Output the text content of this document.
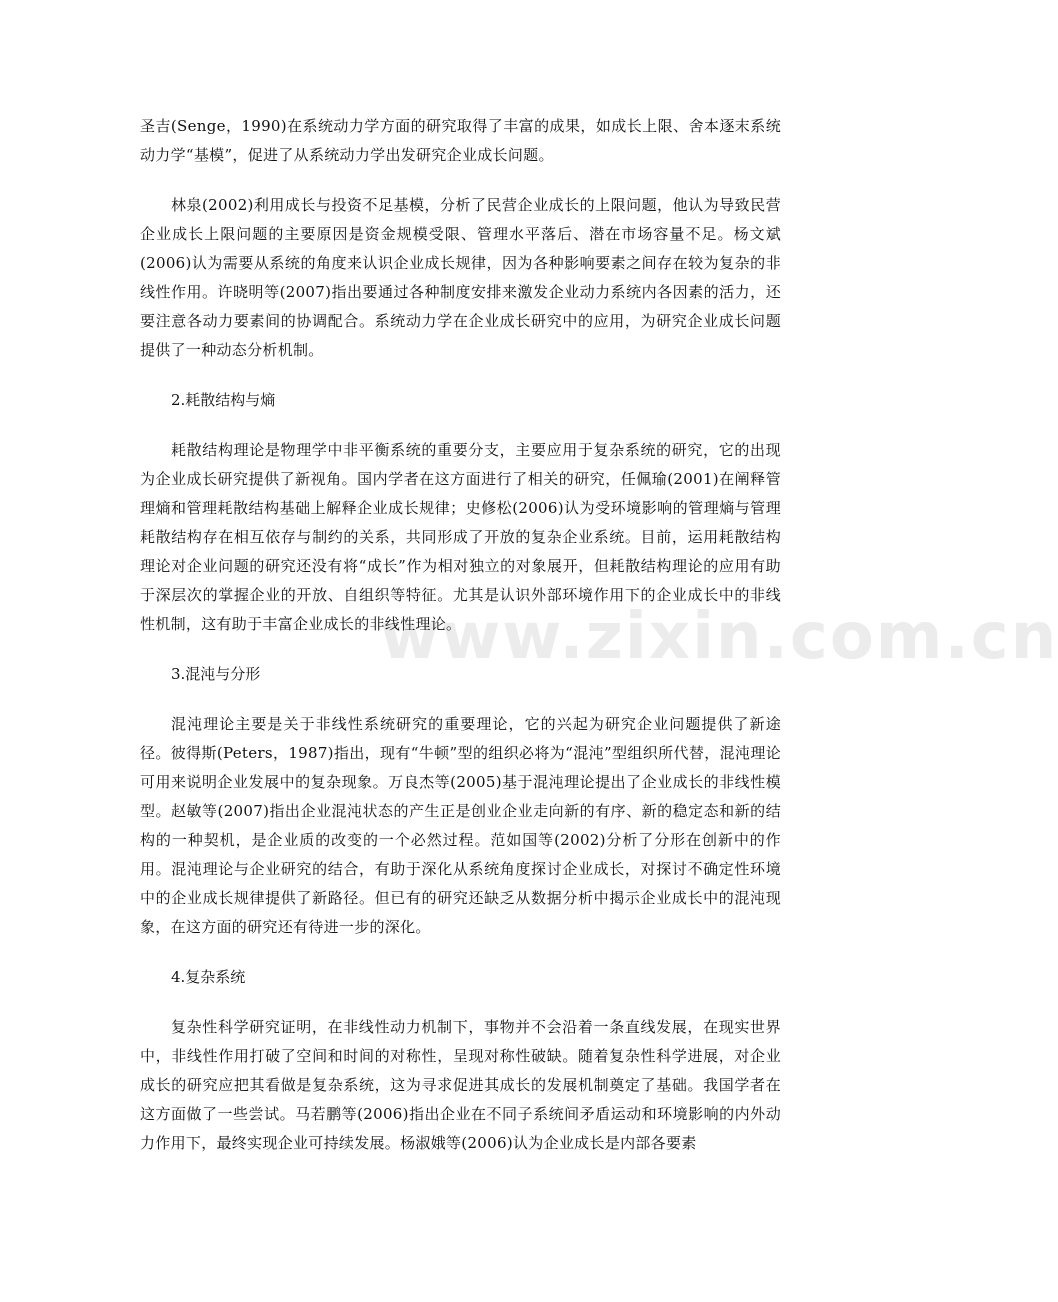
www.zixin.com.cn

圣吉(Senge，1990)在系统动力学方面的研究取得了丰富的成果，如成长上限、舍本逐末系统动力学“基模”，促进了从系统动力学出发研究企业成长问题。

林泉(2002)利用成长与投资不足基模，分析了民营企业成长的上限问题，他认为导致民营企业成长上限问题的主要原因是资金规模受限、管理水平落后、潜在市场容量不足。杨文斌(2006)认为需要从系统的角度来认识企业成长规律，因为各种影响要素之间存在较为复杂的非线性作用。许晓明等(2007)指出要通过各种制度安排来激发企业动力系统内各因素的活力，还要注意各动力要素间的协调配合。系统动力学在企业成长研究中的应用，为研究企业成长问题提供了一种动态分析机制。

2.耗散结构与熵

耗散结构理论是物理学中非平衡系统的重要分支，主要应用于复杂系统的研究，它的出现为企业成长研究提供了新视角。国内学者在这方面进行了相关的研究，任佩瑜(2001)在阐释管理熵和管理耗散结构基础上解释企业成长规律；史修松(2006)认为受环境影响的管理熵与管理耗散结构存在相互依存与制约的关系，共同形成了开放的复杂企业系统。目前，运用耗散结构理论对企业问题的研究还没有将“成长”作为相对独立的对象展开，但耗散结构理论的应用有助于深层次的掌握企业的开放、自组织等特征。尤其是认识外部环境作用下的企业成长中的非线性机制，这有助于丰富企业成长的非线性理论。

3.混沌与分形

混沌理论主要是关于非线性系统研究的重要理论，它的兴起为研究企业问题提供了新途径。彼得斯(Peters，1987)指出，现有“牛顿”型的组织必将为“混沌”型组织所代替，混沌理论可用来说明企业发展中的复杂现象。万良杰等(2005)基于混沌理论提出了企业成长的非线性模型。赵敏等(2007)指出企业混沌状态的产生正是创业企业走向新的有序、新的稳定态和新的结构的一种契机，是企业质的改变的一个必然过程。范如国等(2002)分析了分形在创新中的作用。混沌理论与企业研究的结合，有助于深化从系统角度探讨企业成长，对探讨不确定性环境中的企业成长规律提供了新路径。但已有的研究还缺乏从数据分析中揭示企业成长中的混沌现象，在这方面的研究还有待进一步的深化。

4.复杂系统

复杂性科学研究证明，在非线性动力机制下，事物并不会沿着一条直线发展，在现实世界中，非线性作用打破了空间和时间的对称性，呈现对称性破缺。随着复杂性科学进展，对企业成长的研究应把其看做是复杂系统，这为寻求促进其成长的发展机制奠定了基础。我国学者在这方面做了一些尝试。马若鹏等(2006)指出企业在不同子系统间矛盾运动和环境影响的内外动力作用下，最终实现企业可持续发展。杨淑娥等(2006)认为企业成长是内部各要素
